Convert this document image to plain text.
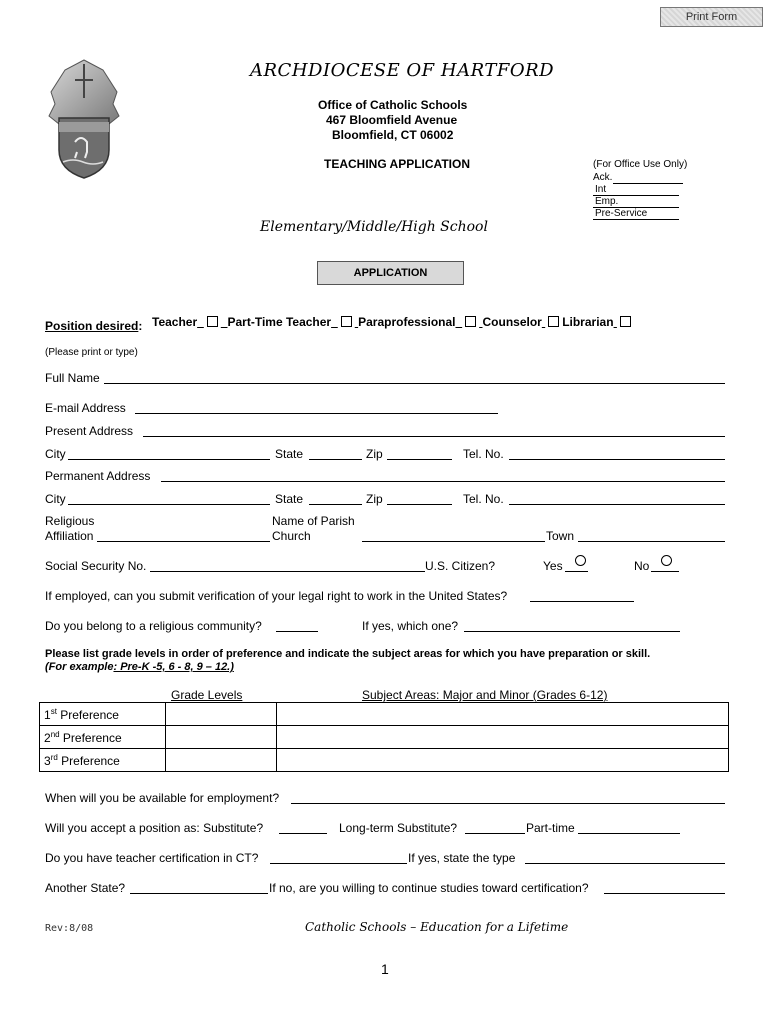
Print Form
ARCHDIOCESE OF HARTFORD
Office of Catholic Schools
467 Bloomfield Avenue
Bloomfield, CT 06002
TEACHING APPLICATION
Elementary/Middle/High School
(For Office Use Only)
Ack.
Int
Emp.
Pre-Service
APPLICATION
Position desired: Teacher	Part-Time Teacher Paraprofessional Counselor Librarian
(Please print or type)
Full Name
E-mail Address
Present Address
City	State	Zip	Tel. No.
Permanent Address
City	State	Zip	Tel. No.
Religious
Affiliation
Name of Parish
Church	Town
Social Security No.	U.S. Citizen?	Yes	No
If employed, can you submit verification of your legal right to work in the United States?
Do you belong to a religious community?	If yes, which one?
Please list grade levels in order of preference and indicate the subject areas for which you have preparation or skill.
(For example: Pre-K -5, 6 - 8, 9 – 12.)
Grade Levels	Subject Areas: Major and Minor (Grades 6-12)
1st Preference		
2nd Preference		
3rd Preference		
When will you be available for employment?
Will you accept a position as: Substitute?	Long-term Substitute?	Part-time
Do you have teacher certification in CT?	If yes, state the type
Another State?	If no, are you willing to continue studies toward certification?
Rev:8/08	Catholic Schools – Education for a Lifetime
1
